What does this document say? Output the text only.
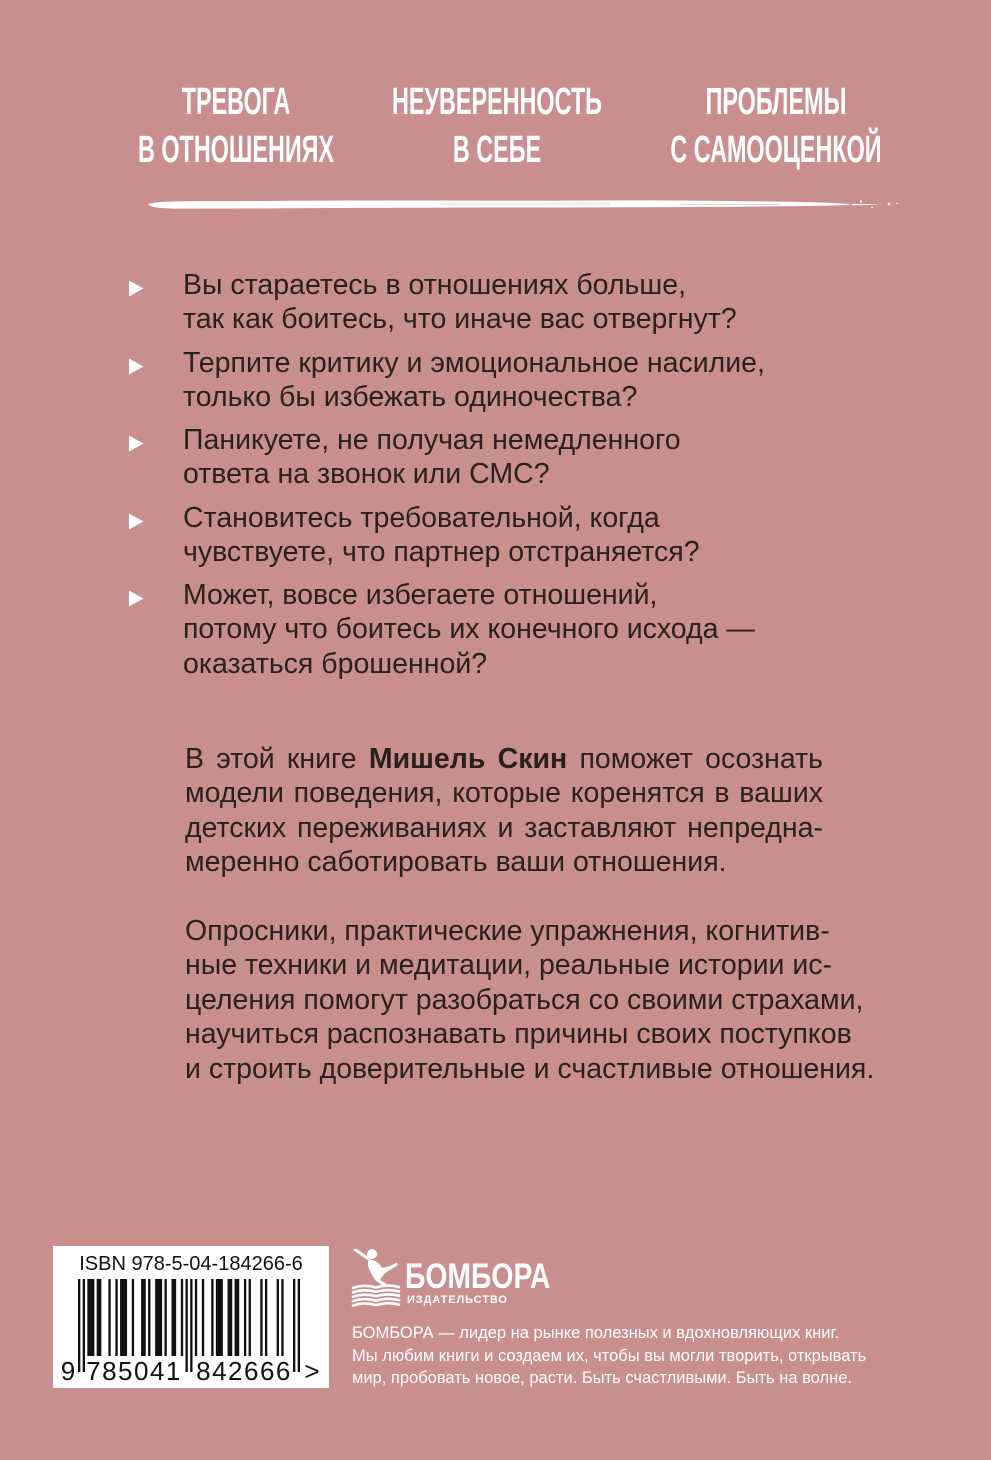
ТРЕВОГА
В ОТНОШЕНИЯХ
НЕУВЕРЕННОСТЬ
В СЕБЕ
ПРОБЛЕМЫ
С САМООЦЕНКОЙ
Вы стараетесь в отношениях больше,
так как боитесь, что иначе вас отвергнут?
Терпите критику и эмоциональное насилие,
только бы избежать одиночества?
Паникуете, не получая немедленного
ответа на звонок или СМС?
Становитесь требовательной, когда
чувствуете, что партнер отстраняется?
Может, вовсе избегаете отношений,
потому что боитесь их конечного исхода —
оказаться брошенной?
В этой книге Мишель Скин поможет осознать
модели поведения, которые коренятся в ваших
детских переживаниях и заставляют непредна-
меренно саботировать ваши отношения.
Опросники, практические упражнения, когнитив-
ные техники и медитации, реальные истории ис-
целения помогут разобраться со своими страхами,
научиться распознавать причины своих поступков
и строить доверительные и счастливые отношения.
ISBN 978-5-04-184266-6
9 785041 842666 >
БОМБОРА
ИЗДАТЕЛЬСТВО
БОМБОРА — лидер на рынке полезных и вдохновляющих книг.
Мы любим книги и создаем их, чтобы вы могли творить, открывать
мир, пробовать новое, расти. Быть счастливыми. Быть на волне.
